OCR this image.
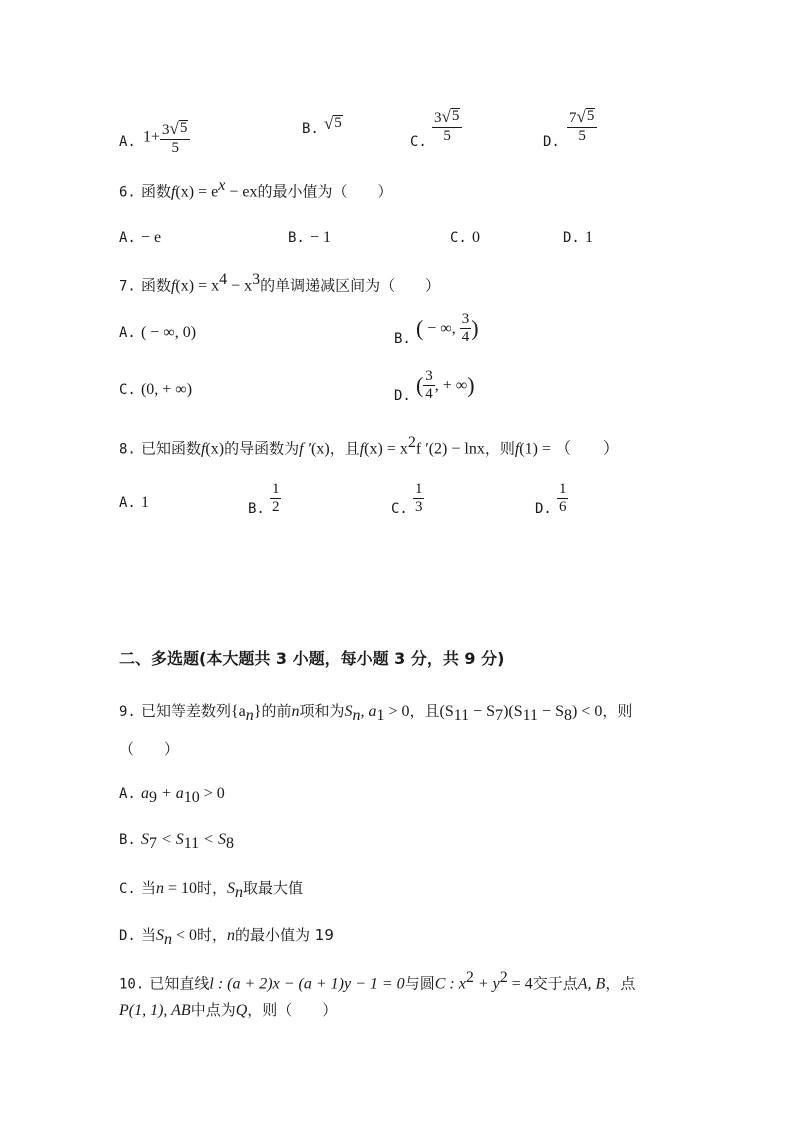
A. $1+ \frac{3 √ 5}{5}$	B. √ 5
C. $\frac{3 √ 5}{5}$	D. $\frac{7 √ 5}{5}$
6. 函数$f(x) = e^x$ − ex的最小值为（　　）
A. − e	B. − 1	C. 0	D. 1
7. 函数$f(x) = x^4 - x^3$的单调递减区间为（　　）
A. ( − ∞, 0)	B. ( − ∞, $\frac{3}{4}$ )
C. (0, + ∞)	D. ( $\frac{3}{4}$ , + ∞)
8. 已知函数f(x)的导函数为f ′(x)，且$f(x) = x^2f$ ′(2) − lnx，则f(1) = （　　）
A. 1	B. $\frac{1}{2}$	C. $\frac{1}{3}$	D. $\frac{1}{6}$
二、多选题(本大题共 3 小题，每小题 3 分，共 9 分)
9. 已知等差数列$\{a_n\}$的前n项和为$S_n$, $a_1 > 0$，且$(S_{11} - S_7)(S_{11} - S_8) < 0$，则
（　　）
A. $a_9 + a_{10} > 0$
B. $S_7 < S_{11} < S_8$
C. 当n = 10时，$S_n$取最大值
D. 当$S_n < 0$时，n的最小值为 19
10. 已知直线l : (a + 2)x − (a + 1)y − 1 = 0与圆C : $x^2 + y^2 = 4$交于点A, B，点
P(1, 1), AB中点为Q，则（　　）
